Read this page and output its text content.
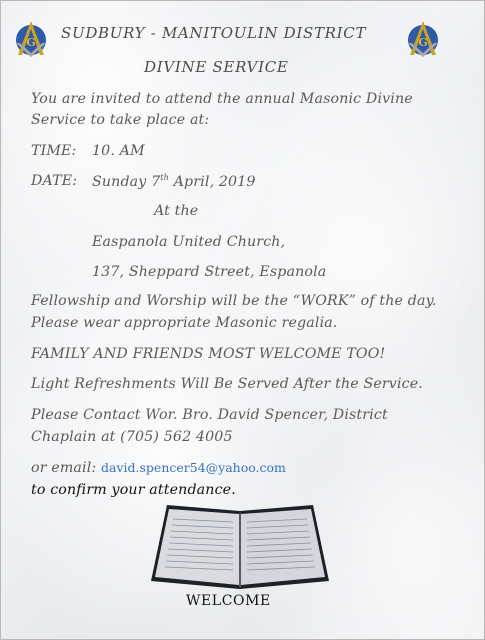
G	G
SUDBURY - MANITOULIN DISTRICT
DIVINE SERVICE
You are invited to attend the annual Masonic Divine
Service to take place at:
TIME: 10. AM
DATE: Sunday 7th April, 2019
At the
Easpanola United Church,
137, Sheppard Street, Espanola
Fellowship and Worship will be the “WORK” of the day.
Please wear appropriate Masonic regalia.
FAMILY AND FRIENDS MOST WELCOME TOO!
Light Refreshments Will Be Served After the Service.
Please Contact Wor. Bro. David Spencer, District
Chaplain at (705) 562 4005
or email: david.spencer54@yahoo.com
to confirm your attendance.
WELCOME
